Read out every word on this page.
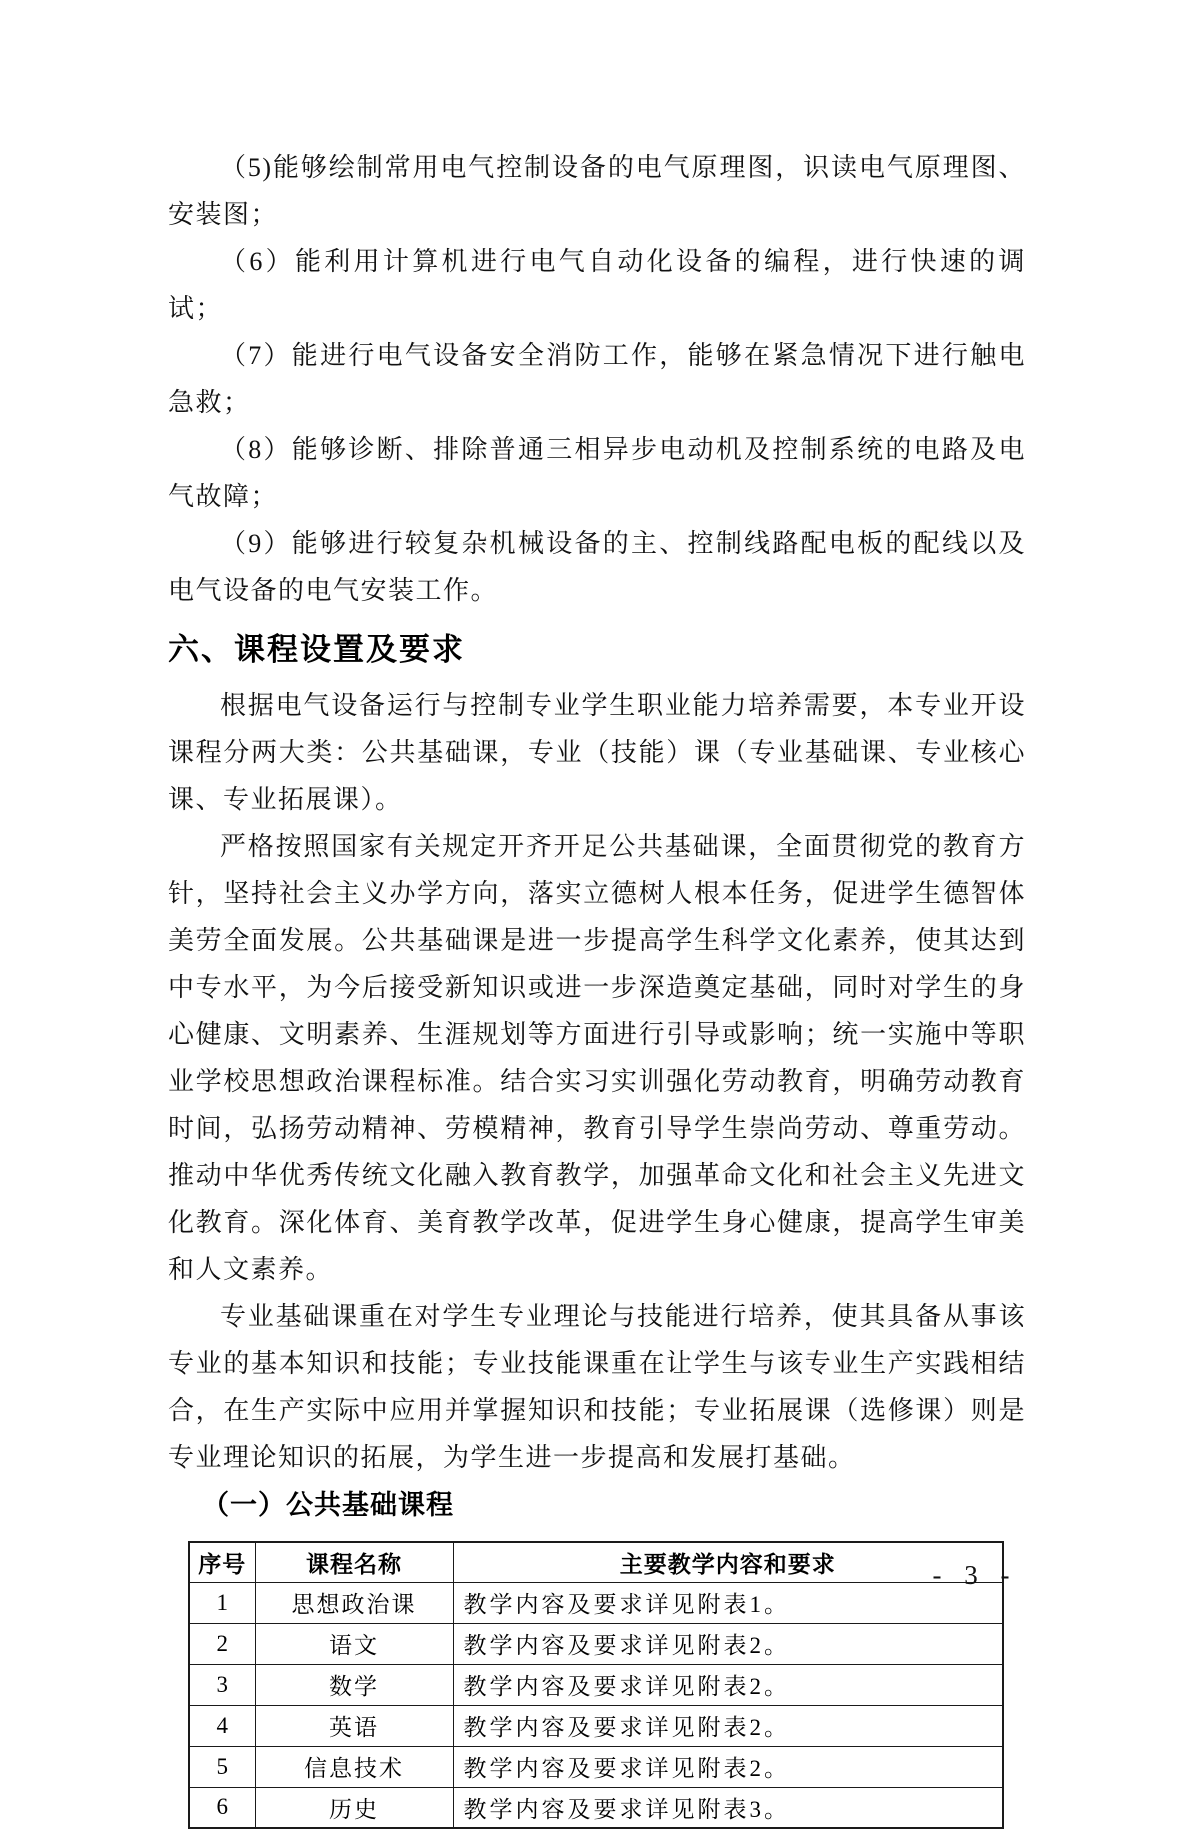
（5)能够绘制常用电气控制设备的电气原理图，识读电气原理图、安装图；

（6）能利用计算机进行电气自动化设备的编程，进行快速的调试；

（7）能进行电气设备安全消防工作，能够在紧急情况下进行触电急救；

（8）能够诊断、排除普通三相异步电动机及控制系统的电路及电气故障；

（9）能够进行较复杂机械设备的主、控制线路配电板的配线以及电气设备的电气安装工作。

六、课程设置及要求

根据电气设备运行与控制专业学生职业能力培养需要，本专业开设课程分两大类：公共基础课，专业（技能）课（专业基础课、专业核心课、专业拓展课）。

严格按照国家有关规定开齐开足公共基础课，全面贯彻党的教育方针，坚持社会主义办学方向，落实立德树人根本任务，促进学生德智体美劳全面发展。公共基础课是进一步提高学生科学文化素养，使其达到中专水平，为今后接受新知识或进一步深造奠定基础，同时对学生的身心健康、文明素养、生涯规划等方面进行引导或影响；统一实施中等职业学校思想政治课程标准。结合实习实训强化劳动教育，明确劳动教育时间，弘扬劳动精神、劳模精神，教育引导学生崇尚劳动、尊重劳动。推动中华优秀传统文化融入教育教学，加强革命文化和社会主义先进文化教育。深化体育、美育教学改革，促进学生身心健康，提高学生审美和人文素养。

专业基础课重在对学生专业理论与技能进行培养，使其具备从事该专业的基本知识和技能；专业技能课重在让学生与该专业生产实践相结合，在生产实际中应用并掌握知识和技能；专业拓展课（选修课）则是专业理论知识的拓展，为学生进一步提高和发展打基础。

（一）公共基础课程
序号	课程名称	主要教学内容和要求
1	思想政治课	教学内容及要求详见附表1。
2	语文	教学内容及要求详见附表2。
3	数学	教学内容及要求详见附表2。
4	英语	教学内容及要求详见附表2。
5	信息技术	教学内容及要求详见附表2。
6	历史	教学内容及要求详见附表3。
- 3 -
